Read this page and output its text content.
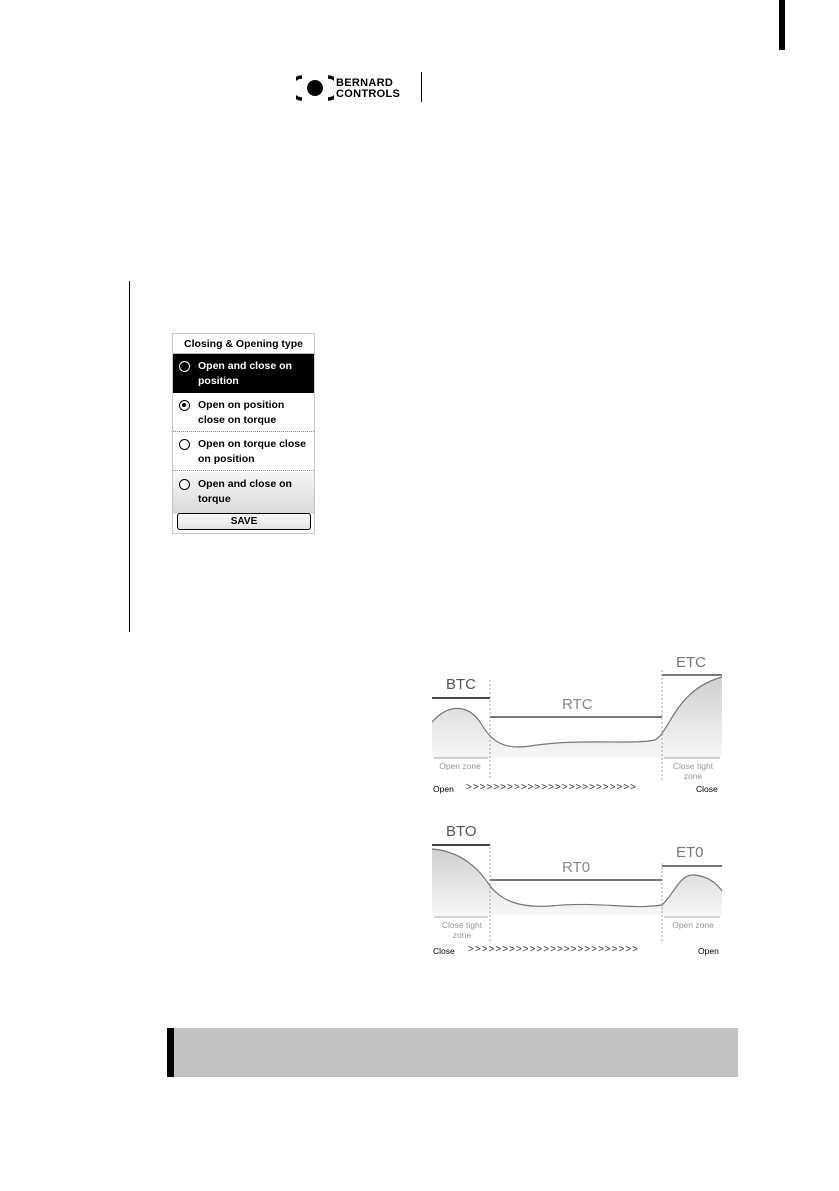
BERNARD
CONTROLS
Closing & Opening type
Open and close on position
Open on position close on torque
Open on torque close on position
Open and close on torque
SAVE
BTC
RTC
ETC
Open zone	Close tight zone
Open >>>>>>>>>>>>>>>>>>>>>>>>>	Close
BTO
RT0
ET0
Close tight zone
Open zone
Close >>>>>>>>>>>>>>>>>>>>>>>>>	Open
